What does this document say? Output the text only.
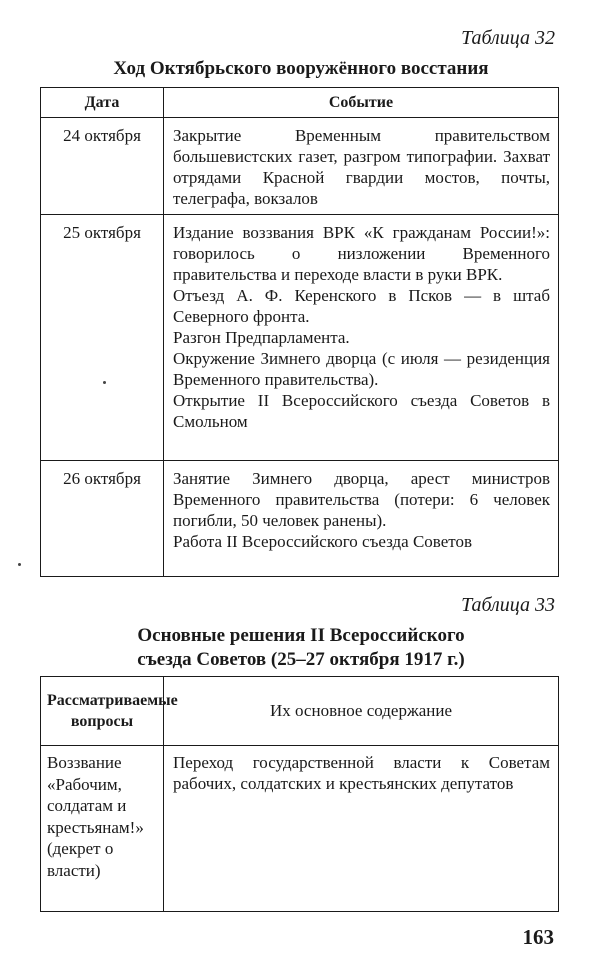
Таблица 32
Ход Октябрьского вооружённого восстания
Дата	Событие
24 октября	Закрытие Временным правительством большевистских газет, разгром типографии. Захват отрядами Красной гвардии мостов, почты, телеграфа, вокзалов

25 октября	Издание воззвания ВРК «К гражданам России!»: говорилось о низложении Временного правительства и переходе власти в руки ВРК.
Отъезд А. Ф. Керенского в Псков — в штаб Северного фронта.
Разгон Предпарламента.
Окружение Зимнего дворца (с июля — резиденция Временного правительства).
Открытие II Всероссийского съезда Советов в Смольном

26 октября	Занятие Зимнего дворца, арест министров Временного правительства (потери: 6 человек погибли, 50 человек ранены).
Работа II Всероссийского съезда Советов
Таблица 33
Основные решения II Всероссийского
съезда Советов (25–27 октября 1917 г.)
Рассматриваемые вопросы	Их основное содержание
Воззвание «Рабочим, солдатам и крестьянам!» (декрет о власти)	Переход государственной власти к Советам рабочих, солдатских и крестьянских депутатов
163
